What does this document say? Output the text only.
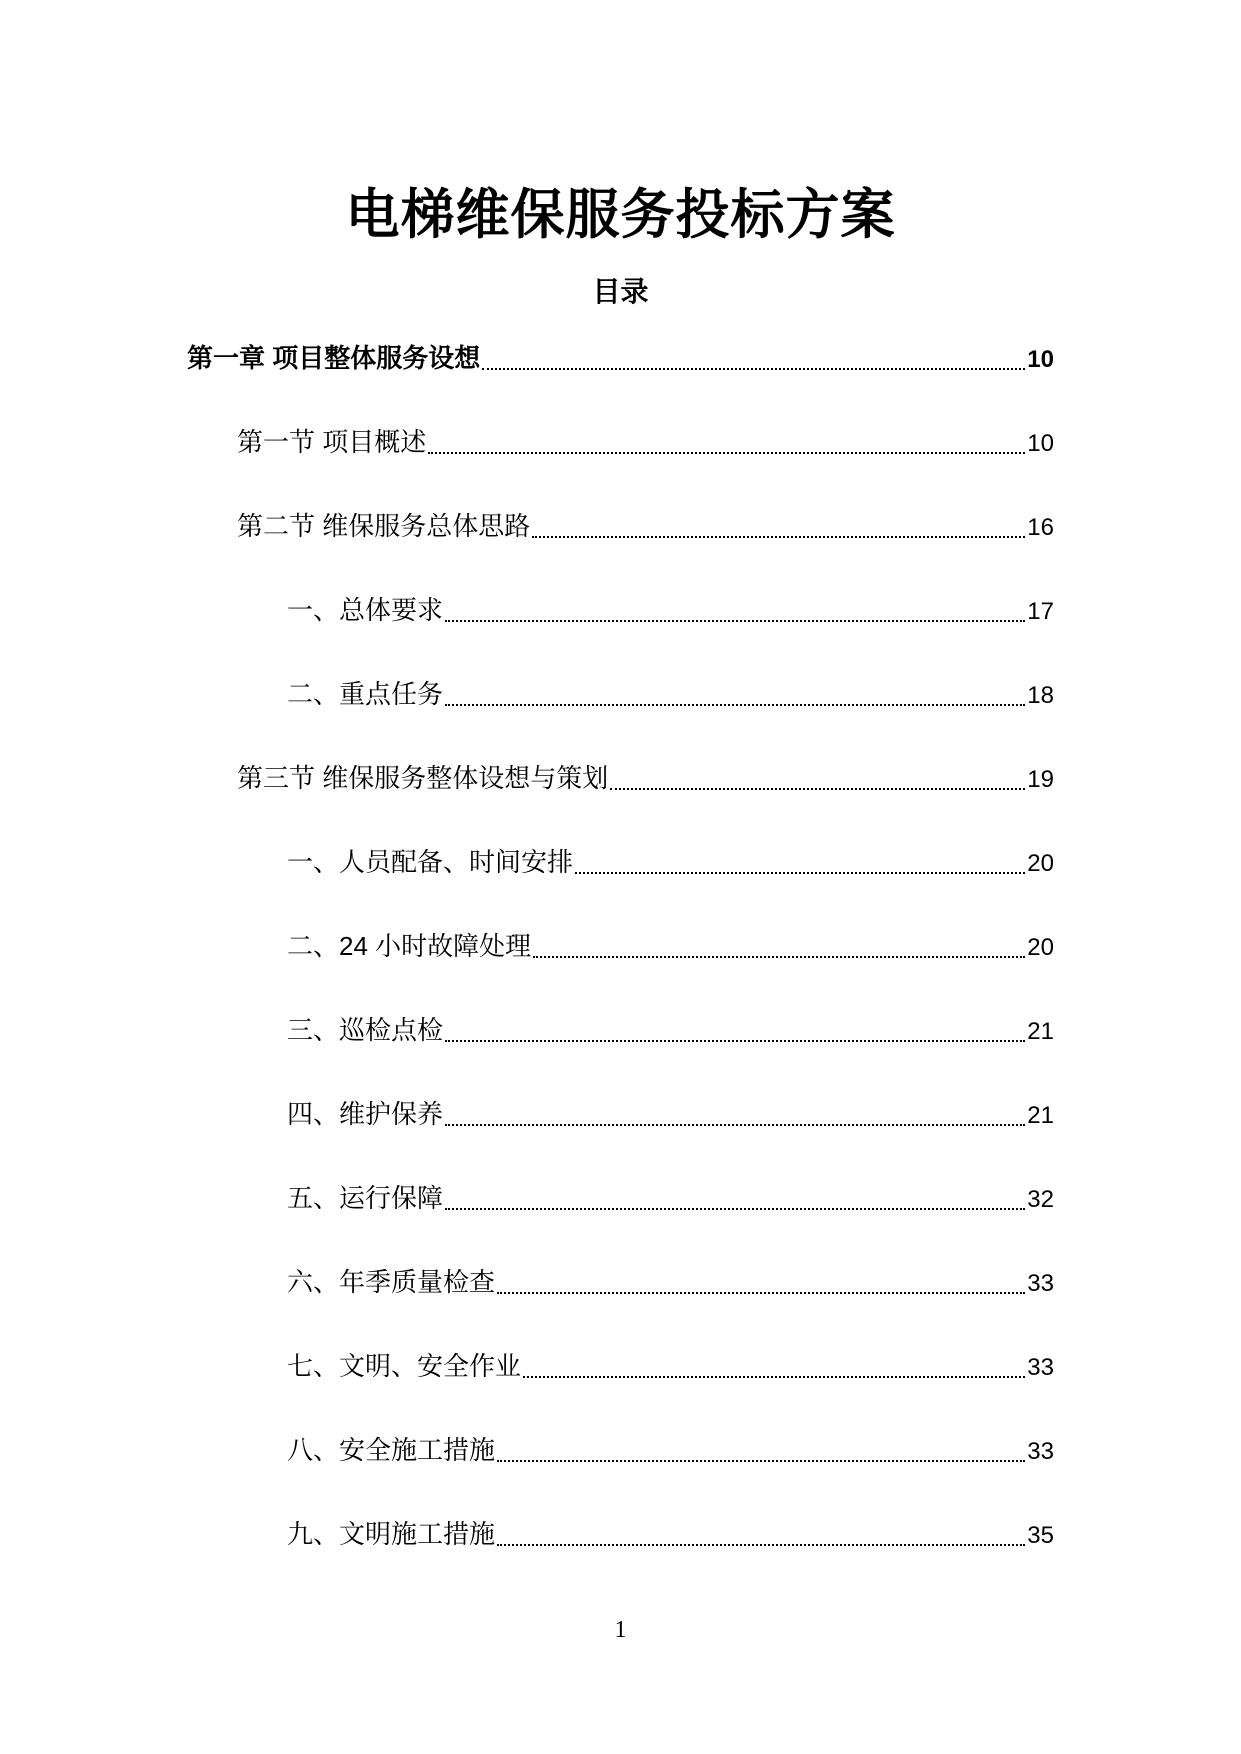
电梯维保服务投标方案
目录
第一章 项目整体服务设想	10
第一节 项目概述	10
第二节 维保服务总体思路	16
一、总体要求	17
二、重点任务	18
第三节 维保服务整体设想与策划	19
一、人员配备、时间安排	20
二、24 小时故障处理	20
三、巡检点检	21
四、维护保养	21
五、运行保障	32
六、年季质量检查	33
七、文明、安全作业	33
八、安全施工措施	33
九、文明施工措施	35
1
